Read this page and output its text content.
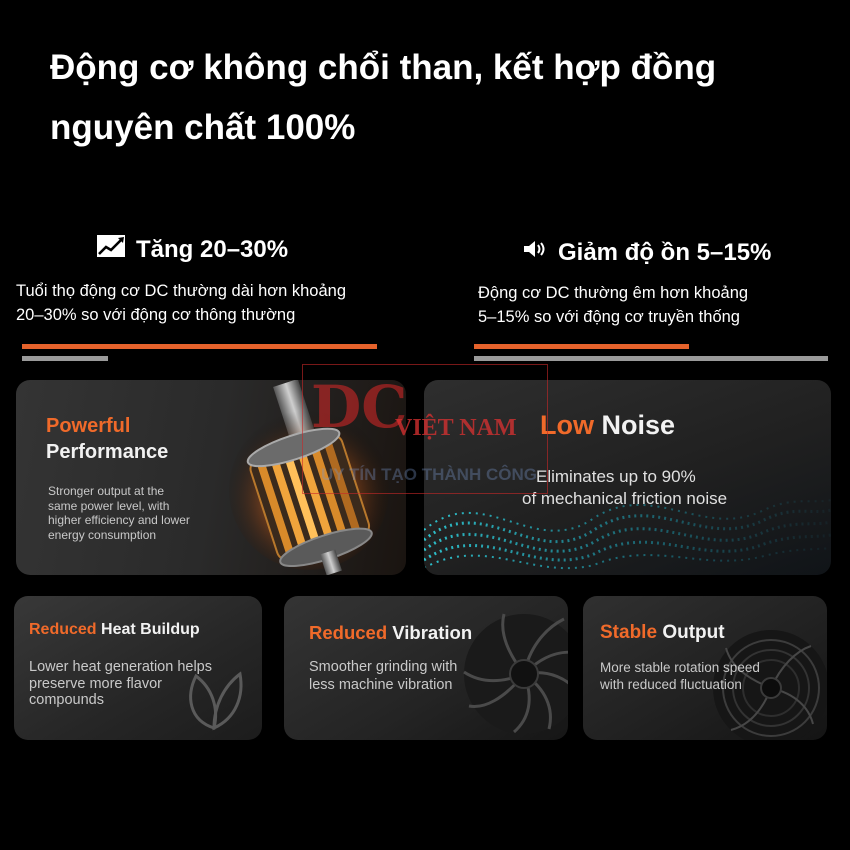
Động cơ không chổi than, kết hợp đồng nguyên chất 100%
Tăng 20–30%
Tuổi thọ động cơ DC thường dài hơn khoảng
20–30% so với động cơ thông thường
Giảm độ ồn 5–15%
Động cơ DC thường êm hơn khoảng
5–15% so với động cơ truyền thống
Powerful
Performance
Stronger output at the
same power level, with
higher efficiency and lower
energy consumption
Low Noise
Eliminates up to 90%
of mechanical friction noise
Reduced Heat Buildup
Lower heat generation helps
preserve more flavor
compounds
Reduced Vibration
Smoother grinding with
less machine vibration
Stable Output
More stable rotation speed
with reduced fluctuation
DC
VIỆT NAM
UY TÍN TẠO THÀNH CÔNG
